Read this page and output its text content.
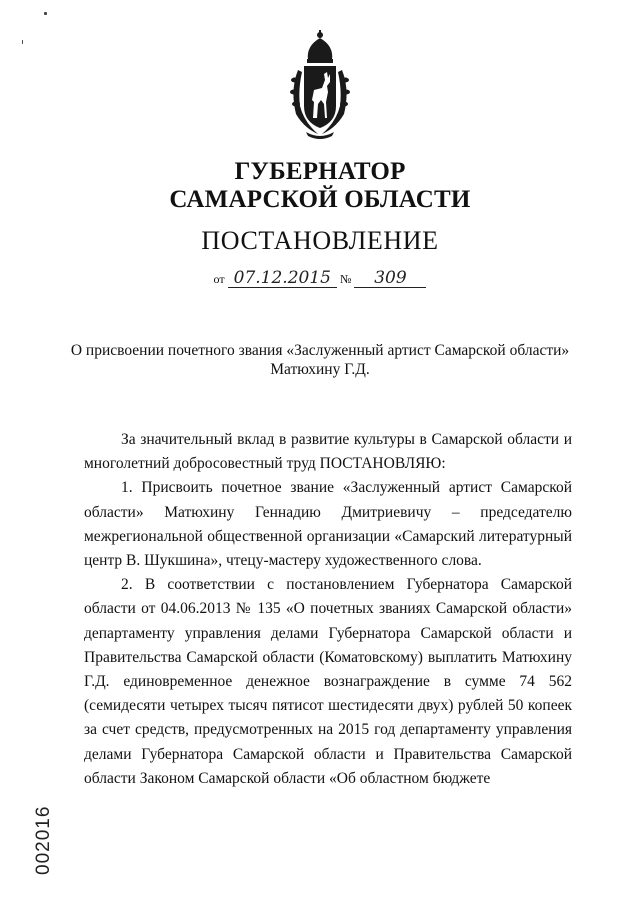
ГУБЕРНАТОР
САМАРСКОЙ ОБЛАСТИ
ПОСТАНОВЛЕНИЕ
от 07.12.2015 № 309
О присвоении почетного звания «Заслуженный артист Самарской области»
Матюхину Г.Д.

За значительный вклад в развитие культуры в Самарской области и многолетний добросовестный труд ПОСТАНОВЛЯЮ:

1. Присвоить почетное звание «Заслуженный артист Самарской области» Матюхину Геннадию Дмитриевичу – председателю межрегиональной общественной организации «Самарский литературный центр В. Шукшина», чтецу-мастеру художественного слова.

2. В соответствии с постановлением Губернатора Самарской области от 04.06.2013 № 135 «О почетных званиях Самарской области» департаменту управления делами Губернатора Самарской области и Правительства Самарской области (Коматовскому) выплатить Матюхину Г.Д. единовременное денежное вознаграждение в сумме 74 562 (семидесяти четырех тысяч пятисот шестидесяти двух) рублей 50 копеек за счет средств, предусмотренных на 2015 год департаменту управления делами Губернатора Самарской области и Правительства Самарской области Законом Самарской области «Об областном бюджете

002016
